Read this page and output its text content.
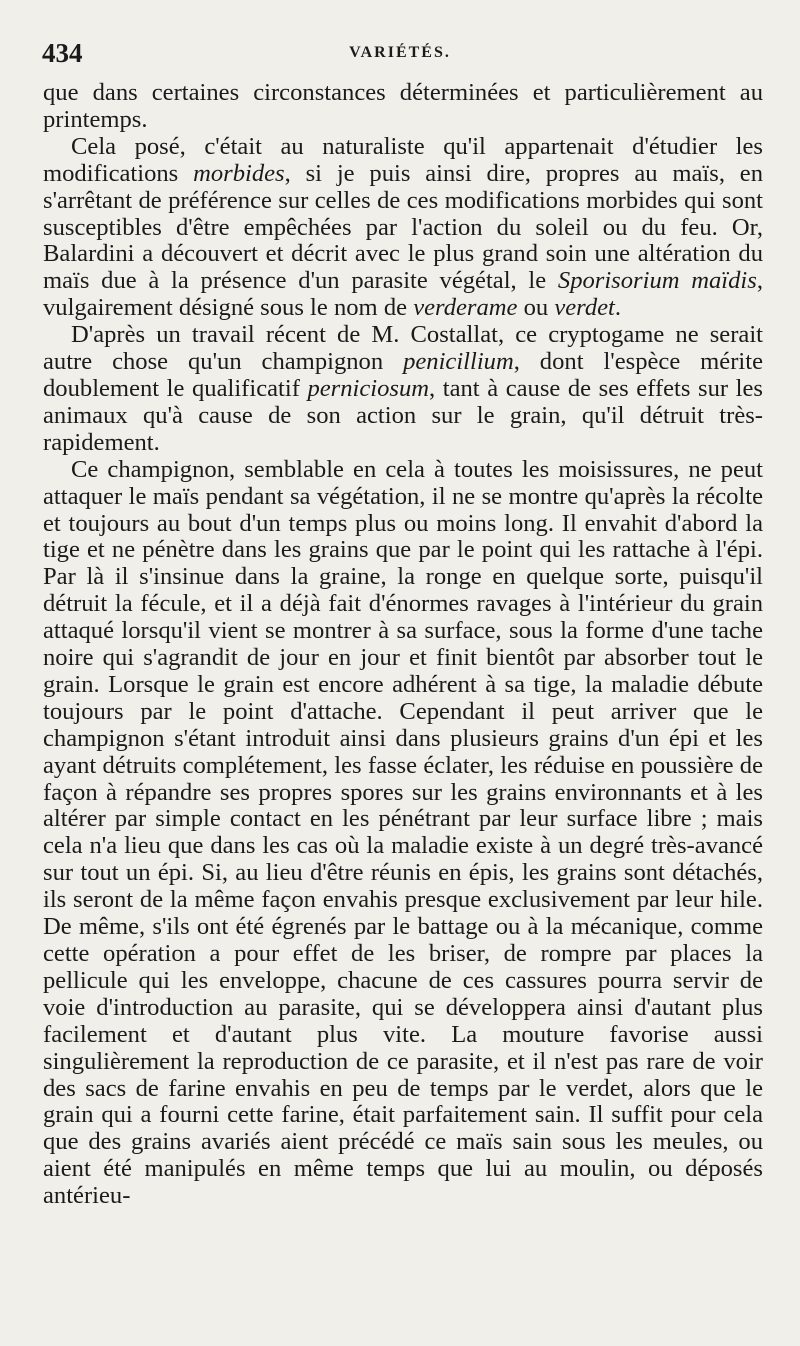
434	VARIÉTÉS.

que dans certaines circonstances déterminées et particulièrement au printemps.

Cela posé, c'était au naturaliste qu'il appartenait d'étudier les modifications morbides, si je puis ainsi dire, propres au maïs, en s'arrêtant de préférence sur celles de ces modifications morbides qui sont susceptibles d'être empêchées par l'action du soleil ou du feu. Or, Balardini a découvert et décrit avec le plus grand soin une altération du maïs due à la présence d'un parasite végétal, le Sporisorium maïdis, vulgairement désigné sous le nom de verderame ou verdet.

D'après un travail récent de M. Costallat, ce cryptogame ne serait autre chose qu'un champignon penicillium, dont l'espèce mérite doublement le qualificatif perniciosum, tant à cause de ses effets sur les animaux qu'à cause de son action sur le grain, qu'il détruit très-rapidement.

Ce champignon, semblable en cela à toutes les moisissures, ne peut attaquer le maïs pendant sa végétation, il ne se montre qu'après la récolte et toujours au bout d'un temps plus ou moins long. Il envahit d'abord la tige et ne pénètre dans les grains que par le point qui les rattache à l'épi. Par là il s'insinue dans la graine, la ronge en quelque sorte, puisqu'il détruit la fécule, et il a déjà fait d'énormes ravages à l'intérieur du grain attaqué lorsqu'il vient se montrer à sa surface, sous la forme d'une tache noire qui s'agrandit de jour en jour et finit bientôt par absorber tout le grain. Lorsque le grain est encore adhérent à sa tige, la maladie débute toujours par le point d'attache. Cependant il peut arriver que le champignon s'étant introduit ainsi dans plusieurs grains d'un épi et les ayant détruits complétement, les fasse éclater, les réduise en poussière de façon à répandre ses propres spores sur les grains environnants et à les altérer par simple contact en les pénétrant par leur surface libre ; mais cela n'a lieu que dans les cas où la maladie existe à un degré très-avancé sur tout un épi. Si, au lieu d'être réunis en épis, les grains sont détachés, ils seront de la même façon envahis presque exclusivement par leur hile. De même, s'ils ont été égrenés par le battage ou à la mécanique, comme cette opération a pour effet de les briser, de rompre par places la pellicule qui les enveloppe, chacune de ces cassures pourra servir de voie d'introduction au parasite, qui se développera ainsi d'autant plus facilement et d'autant plus vite. La mouture favorise aussi singulièrement la reproduction de ce parasite, et il n'est pas rare de voir des sacs de farine envahis en peu de temps par le verdet, alors que le grain qui a fourni cette farine, était parfaitement sain. Il suffit pour cela que des grains avariés aient précédé ce maïs sain sous les meules, ou aient été manipulés en même temps que lui au moulin, ou déposés antérieu-
